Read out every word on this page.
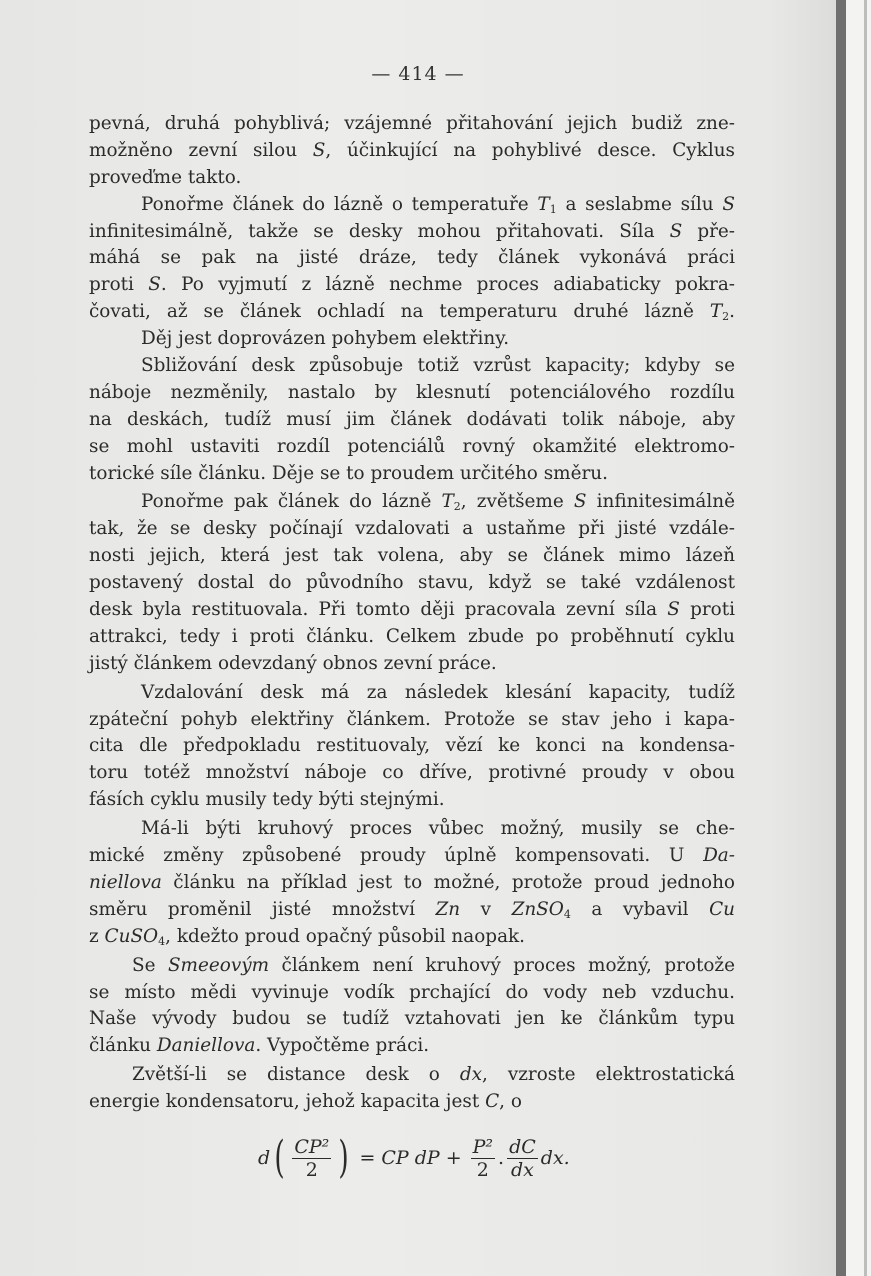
— 414 —
pevná, druhá pohyblivá; vzájemné přitahování jejich budiž zne-
možněno zevní silou S, účinkující na pohyblivé desce. Cyklus
proveďme takto.
Ponořme článek do lázně o temperatuře $T_1$ a seslabme sílu S
infinitesimálně, takže se desky mohou přitahovati. Síla S pře-
máhá se pak na jisté dráze, tedy článek vykonává práci
proti S. Po vyjmutí z lázně nechme proces adiabaticky pokra-
čovati, až se článek ochladí na temperaturu druhé lázně $T_2$.
Děj jest doprovázen pohybem elektřiny.
Sbližování desk způsobuje totiž vzrůst kapacity; kdyby se
náboje nezměnily, nastalo by klesnutí potenciálového rozdílu
na deskách, tudíž musí jim článek dodávati tolik náboje, aby
se mohl ustaviti rozdíl potenciálů rovný okamžité elektromo-
torické síle článku. Děje se to proudem určitého směru.
Ponořme pak článek do lázně $T_2$, zvětšeme S infinitesimálně
tak, že se desky počínají vzdalovati a ustaňme při jisté vzdále-
nosti jejich, která jest tak volena, aby se článek mimo lázeň
postavený dostal do původního stavu, když se také vzdálenost
desk byla restituovala. Při tomto ději pracovala zevní síla S proti
attrakci, tedy i proti článku. Celkem zbude po proběhnutí cyklu
jistý článkem odevzdaný obnos zevní práce.
Vzdalování desk má za následek klesání kapacity, tudíž
zpáteční pohyb elektřiny článkem. Protože se stav jeho i kapa-
cita dle předpokladu restituovaly, vězí ke konci na kondensa-
toru totéž množství náboje co dříve, protivné proudy v obou
fásích cyklu musily tedy býti stejnými.
Má-li býti kruhový proces vůbec možný, musily se che-
mické změny způsobené proudy úplně kompensovati. U Da-
niellova článku na příklad jest to možné, protože proud jednoho
směru proměnil jisté množství Zn v ZnSO$_4$ a vybavil Cu
z CuSO$_4$, kdežto proud opačný působil naopak.
Se Smeeovým článkem není kruhový proces možný, protože
se místo mědi vyvinuje vodík prchající do vody neb vzduchu.
Naše vývody budou se tudíž vztahovati jen ke článkům typu
článku Daniellova. Vypočtěme práci.
Zvětší-li se distance desk o dx, vzroste elektrostatická
energie kondensatoru, jehož kapacita jest C, o
d ( $\frac{\text{CP²}}{2}$ ) = CP dP + $\frac{\text{P²}}{2}$ . $\frac{dC}{dx}$ dx.
